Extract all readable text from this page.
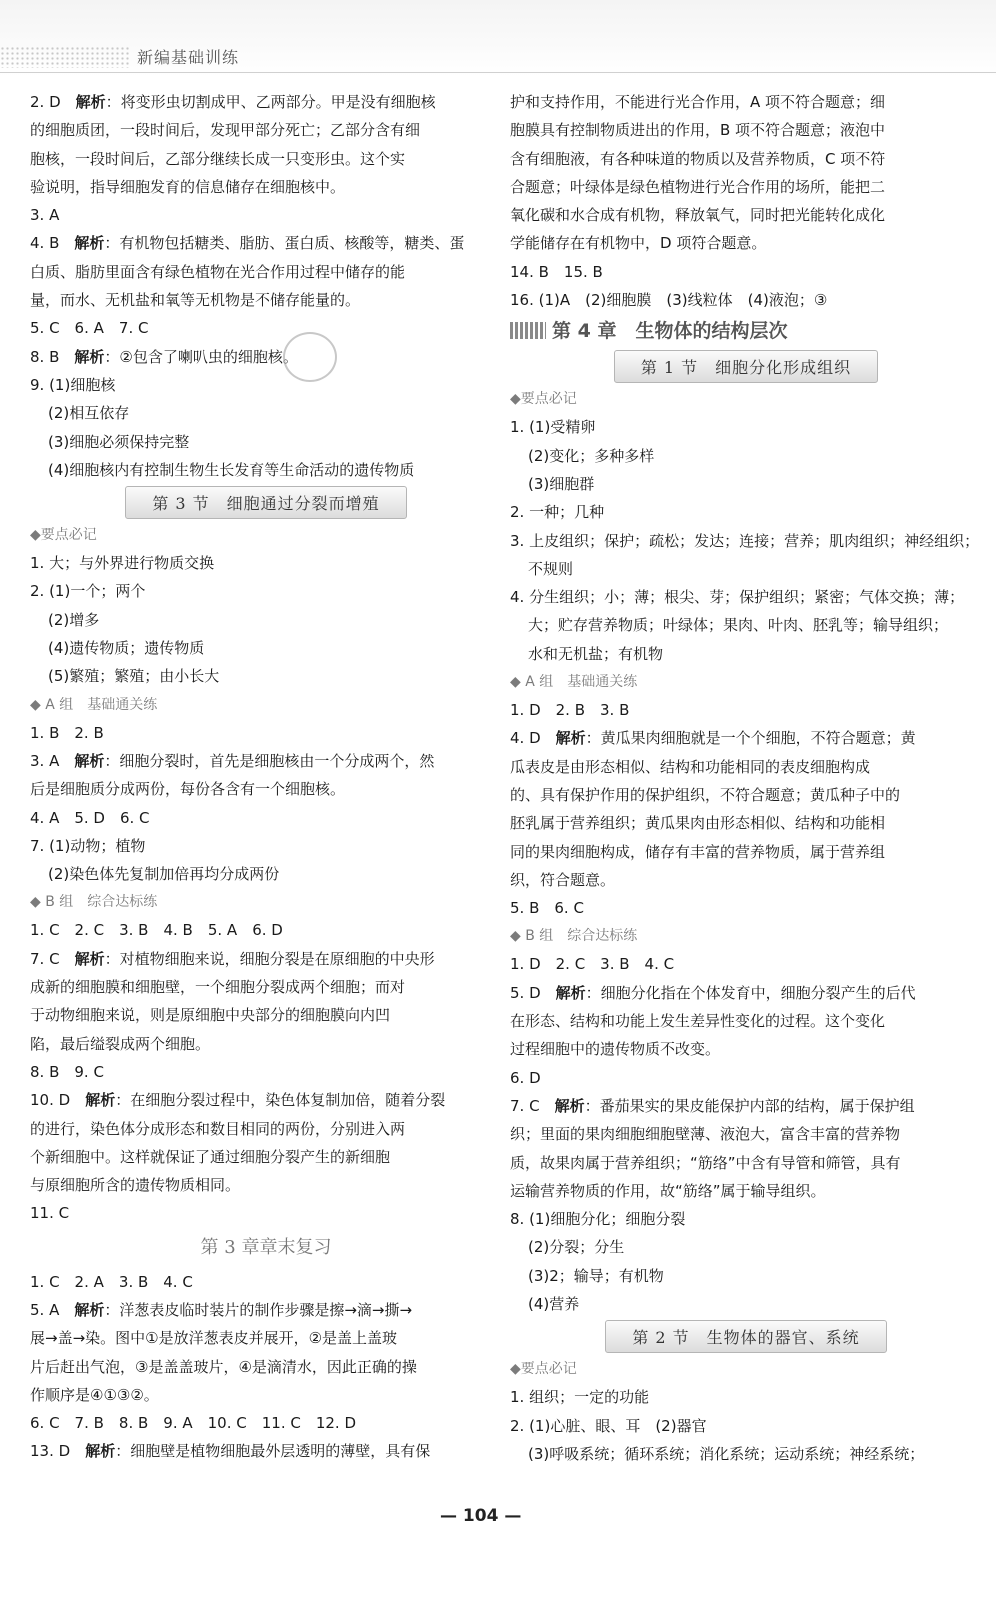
新编基础训练
2. D　解析：将变形虫切割成甲、乙两部分。甲是没有细胞核
的细胞质团，一段时间后，发现甲部分死亡；乙部分含有细
胞核，一段时间后，乙部分继续长成一只变形虫。这个实
验说明，指导细胞发育的信息储存在细胞核中。
3. A
4. B　解析：有机物包括糖类、脂肪、蛋白质、核酸等，糖类、蛋
白质、脂肪里面含有绿色植物在光合作用过程中储存的能
量，而水、无机盐和氧等无机物是不储存能量的。
5. C　6. A　7. C
8. B　解析：②包含了喇叭虫的细胞核。
9. (1)细胞核
(2)相互依存
(3)细胞必须保持完整
(4)细胞核内有控制生物生长发育等生命活动的遗传物质
第 3 节　细胞通过分裂而增殖
◆要点必记
1. 大；与外界进行物质交换
2. (1)一个；两个
(2)增多
(4)遗传物质；遗传物质
(5)繁殖；繁殖；由小长大
◆ A 组　基础通关练
1. B　2. B
3. A　解析：细胞分裂时，首先是细胞核由一个分成两个，然
后是细胞质分成两份，每份各含有一个细胞核。
4. A　5. D　6. C
7. (1)动物；植物
(2)染色体先复制加倍再均分成两份
◆ B 组　综合达标练
1. C　2. C　3. B　4. B　5. A　6. D
7. C　解析：对植物细胞来说，细胞分裂是在原细胞的中央形
成新的细胞膜和细胞壁，一个细胞分裂成两个细胞；而对
于动物细胞来说，则是原细胞中央部分的细胞膜向内凹
陷，最后缢裂成两个细胞。
8. B　9. C
10. D　解析：在细胞分裂过程中，染色体复制加倍，随着分裂
的进行，染色体分成形态和数目相同的两份，分别进入两
个新细胞中。这样就保证了通过细胞分裂产生的新细胞
与原细胞所含的遗传物质相同。
11. C
第 3 章章末复习
1. C　2. A　3. B　4. C
5. A　解析：洋葱表皮临时装片的制作步骤是擦→滴→撕→
展→盖→染。图中①是放洋葱表皮并展开，②是盖上盖玻
片后赶出气泡，③是盖盖玻片，④是滴清水，因此正确的操
作顺序是④①③②。
6. C　7. B　8. B　9. A　10. C　11. C　12. D
13. D　解析：细胞壁是植物细胞最外层透明的薄壁，具有保
护和支持作用，不能进行光合作用，A 项不符合题意；细
胞膜具有控制物质进出的作用，B 项不符合题意；液泡中
含有细胞液，有各种味道的物质以及营养物质，C 项不符
合题意；叶绿体是绿色植物进行光合作用的场所，能把二
氧化碳和水合成有机物，释放氧气，同时把光能转化成化
学能储存在有机物中，D 项符合题意。
14. B　15. B
16. (1)A　(2)细胞膜　(3)线粒体　(4)液泡；③
第 4 章　生物体的结构层次
第 1 节　细胞分化形成组织
◆要点必记
1. (1)受精卵
(2)变化；多种多样
(3)细胞群
2. 一种；几种
3. 上皮组织；保护；疏松；发达；连接；营养；肌肉组织；神经组织；
不规则
4. 分生组织；小；薄；根尖、芽；保护组织；紧密；气体交换；薄；
大；贮存营养物质；叶绿体；果肉、叶肉、胚乳等；输导组织；
水和无机盐；有机物
◆ A 组　基础通关练
1. D　2. B　3. B
4. D　解析：黄瓜果肉细胞就是一个个细胞，不符合题意；黄
瓜表皮是由形态相似、结构和功能相同的表皮细胞构成
的、具有保护作用的保护组织，不符合题意；黄瓜种子中的
胚乳属于营养组织；黄瓜果肉由形态相似、结构和功能相
同的果肉细胞构成，储存有丰富的营养物质，属于营养组
织，符合题意。
5. B　6. C
◆ B 组　综合达标练
1. D　2. C　3. B　4. C
5. D　解析：细胞分化指在个体发育中，细胞分裂产生的后代
在形态、结构和功能上发生差异性变化的过程。这个变化
过程细胞中的遗传物质不改变。
6. D
7. C　解析：番茄果实的果皮能保护内部的结构，属于保护组
织；里面的果肉细胞细胞壁薄、液泡大，富含丰富的营养物
质，故果肉属于营养组织；“筋络”中含有导管和筛管，具有
运输营养物质的作用，故“筋络”属于输导组织。
8. (1)细胞分化；细胞分裂
(2)分裂；分生
(3)2；输导；有机物
(4)营养
第 2 节　生物体的器官、系统
◆要点必记
1. 组织；一定的功能
2. (1)心脏、眼、耳　(2)器官
(3)呼吸系统；循环系统；消化系统；运动系统；神经系统；
— 104 —
